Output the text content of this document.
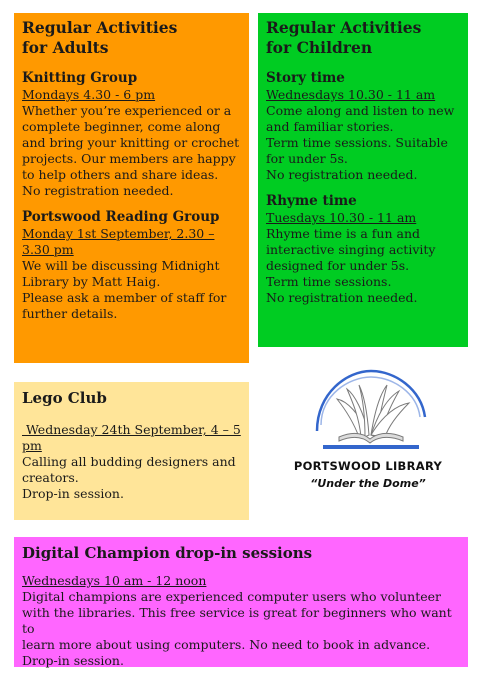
Regular Activities

for Adults

Knitting Group

Mondays 4.30 - 6 pm

Whether you’re experienced or a

complete beginner, come along

and bring your knitting or crochet

projects. Our members are happy

to help others and share ideas.

No registration needed.

Portswood Reading Group

Monday 1st September, 2.30 –

3.30 pm

We will be discussing Midnight

Library by Matt Haig.

Please ask a member of staff for

further details.

Regular Activities

for Children

Story time

Wednesdays 10.30 - 11 am

Come along and listen to new

and familiar stories.

Term time sessions. Suitable

for under 5s.

No registration needed.

Rhyme time

Tuesdays 10.30 - 11 am

Rhyme time is a fun and

interactive singing activity

designed for under 5s.

Term time sessions.

No registration needed.

Lego Club

Wednesday 24th September, 4 – 5

pm

Calling all budding designers and

creators.

Drop-in session.

PORTSWOOD LIBRARY
“Under the Dome”

Digital Champion drop-in sessions

Wednesdays 10 am - 12 noon

Digital champions are experienced computer users who volunteer

with the libraries. This free service is great for beginners who want to

learn more about using computers. No need to book in advance.

Drop-in session.
